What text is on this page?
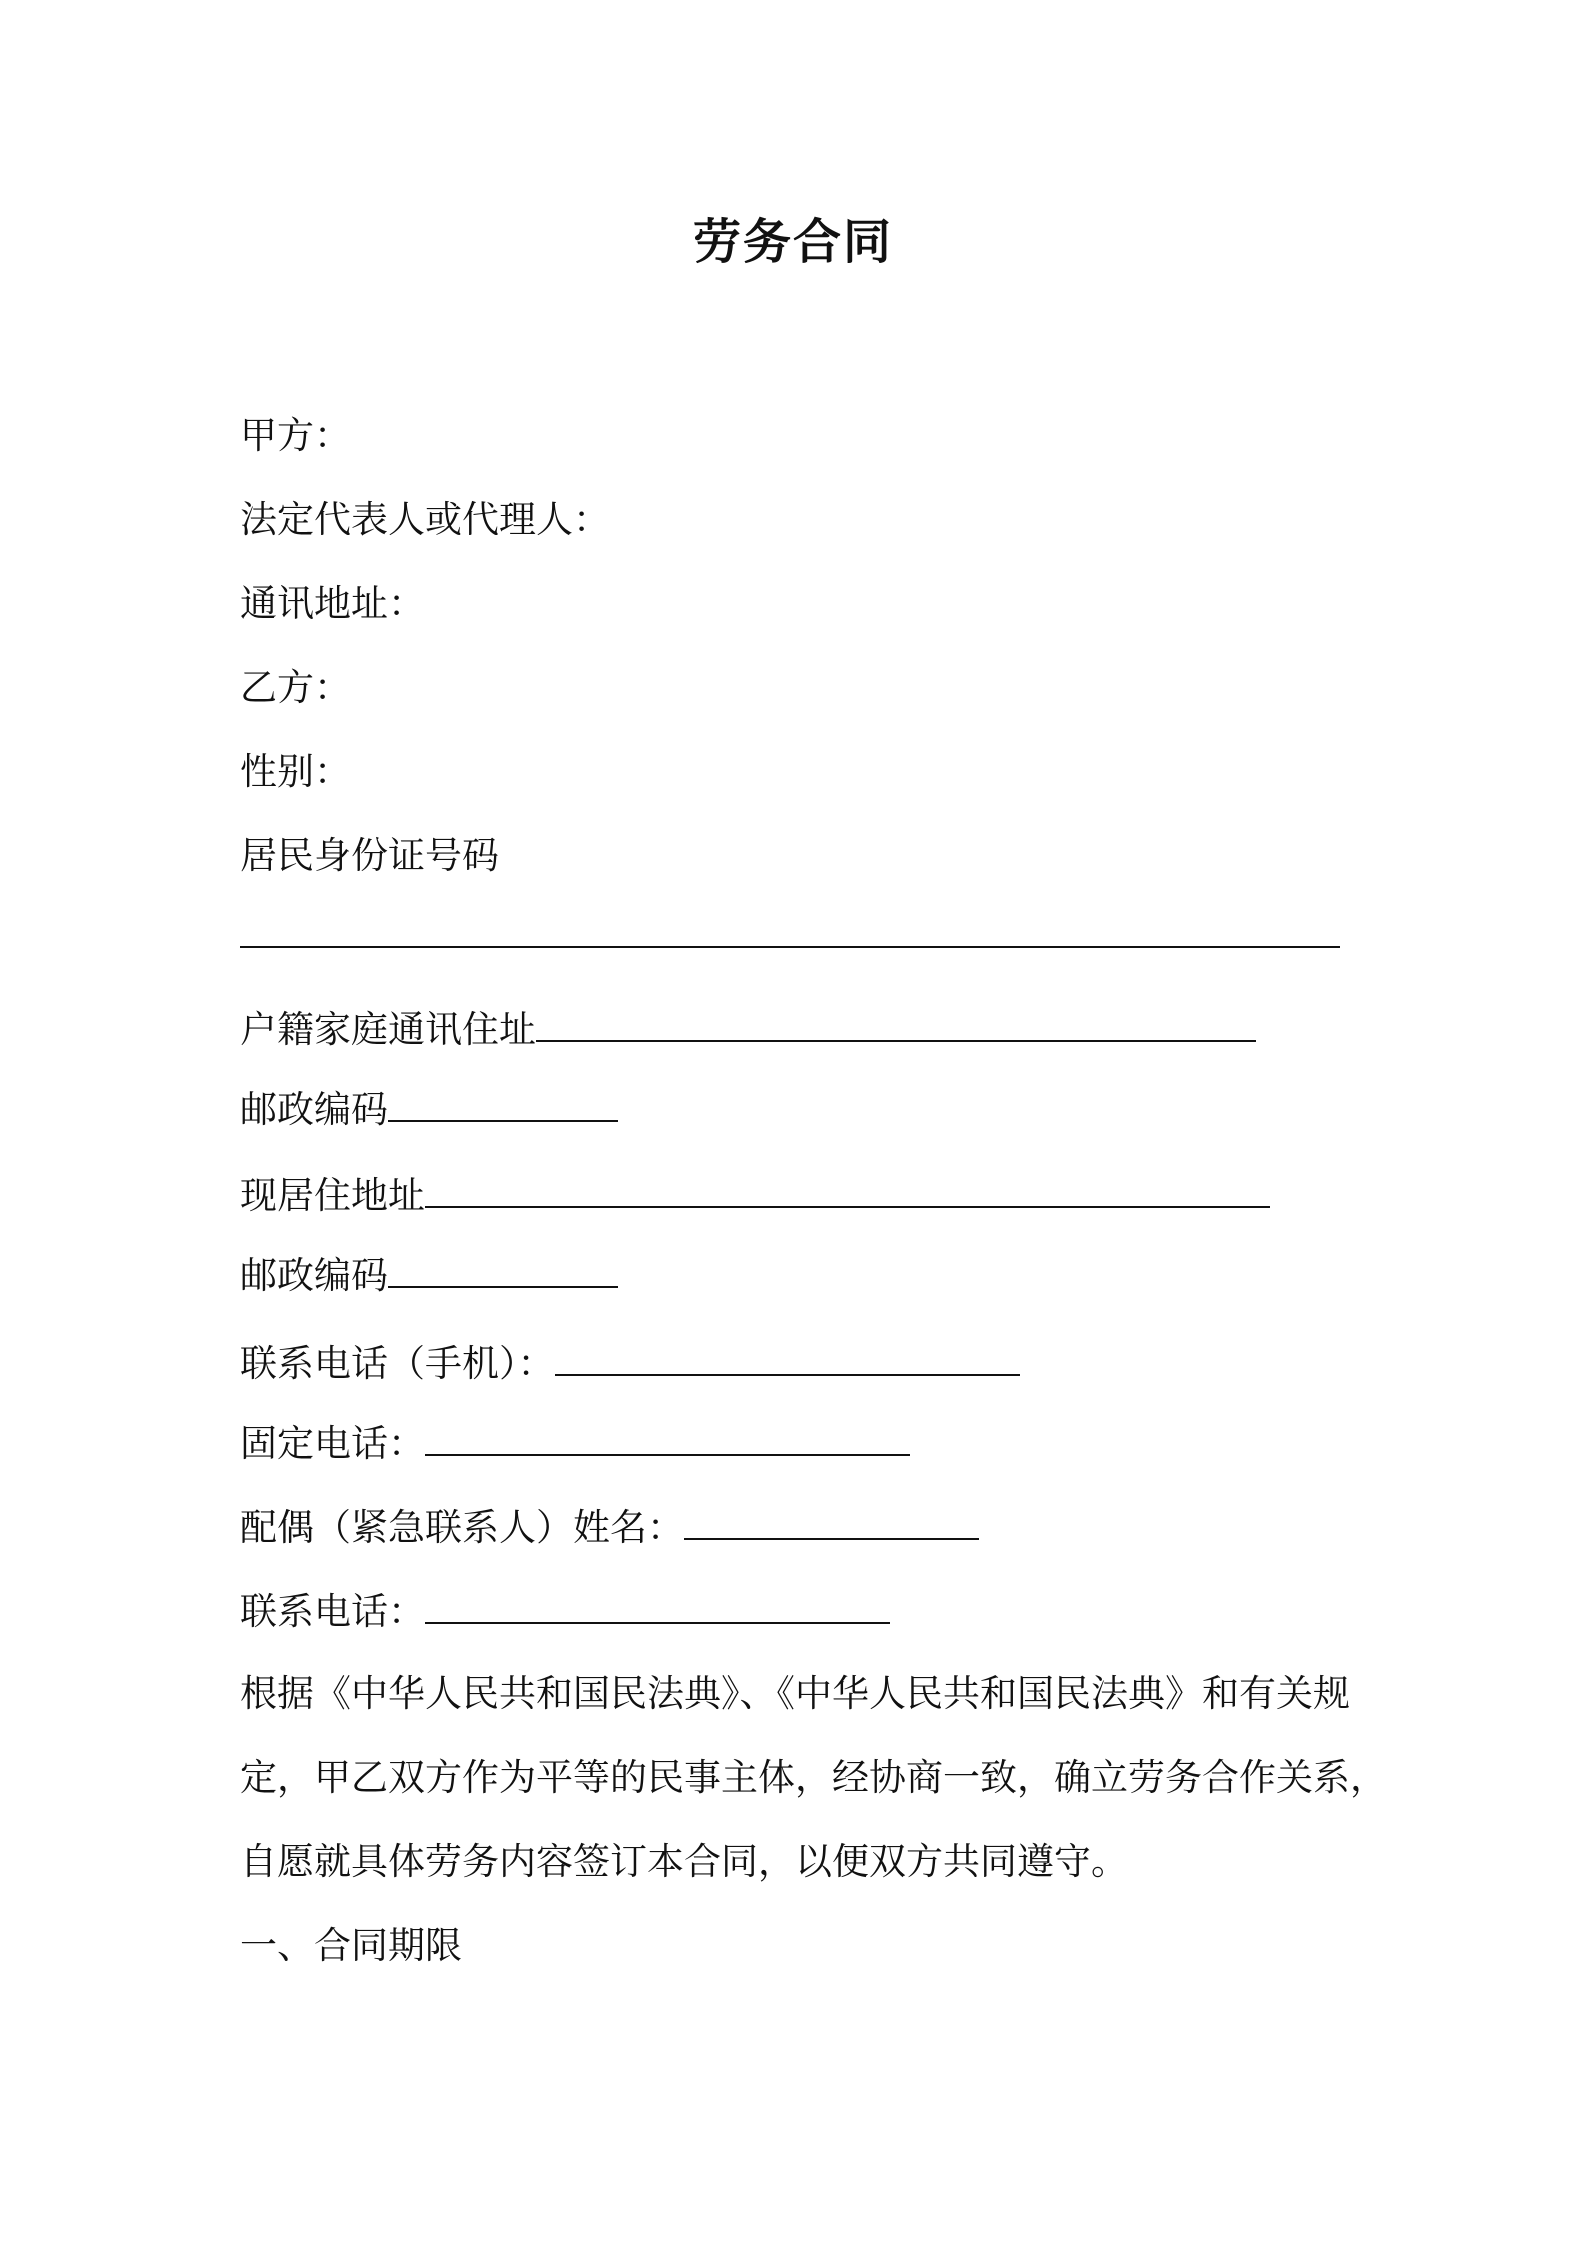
劳务合同
甲方：
法定代表人或代理人：
通讯地址：
乙方：
性别：
居民身份证号码
户籍家庭通讯住址
邮政编码
现居住地址
邮政编码
联系电话（手机）：
固定电话：
配偶（紧急联系人）姓名：
联系电话：
根据《中华人民共和国民法典》、《中华人民共和国民法典》和有关规
定，甲乙双方作为平等的民事主体，经协商一致，确立劳务合作关系，
自愿就具体劳务内容签订本合同，以便双方共同遵守。
一、合同期限
